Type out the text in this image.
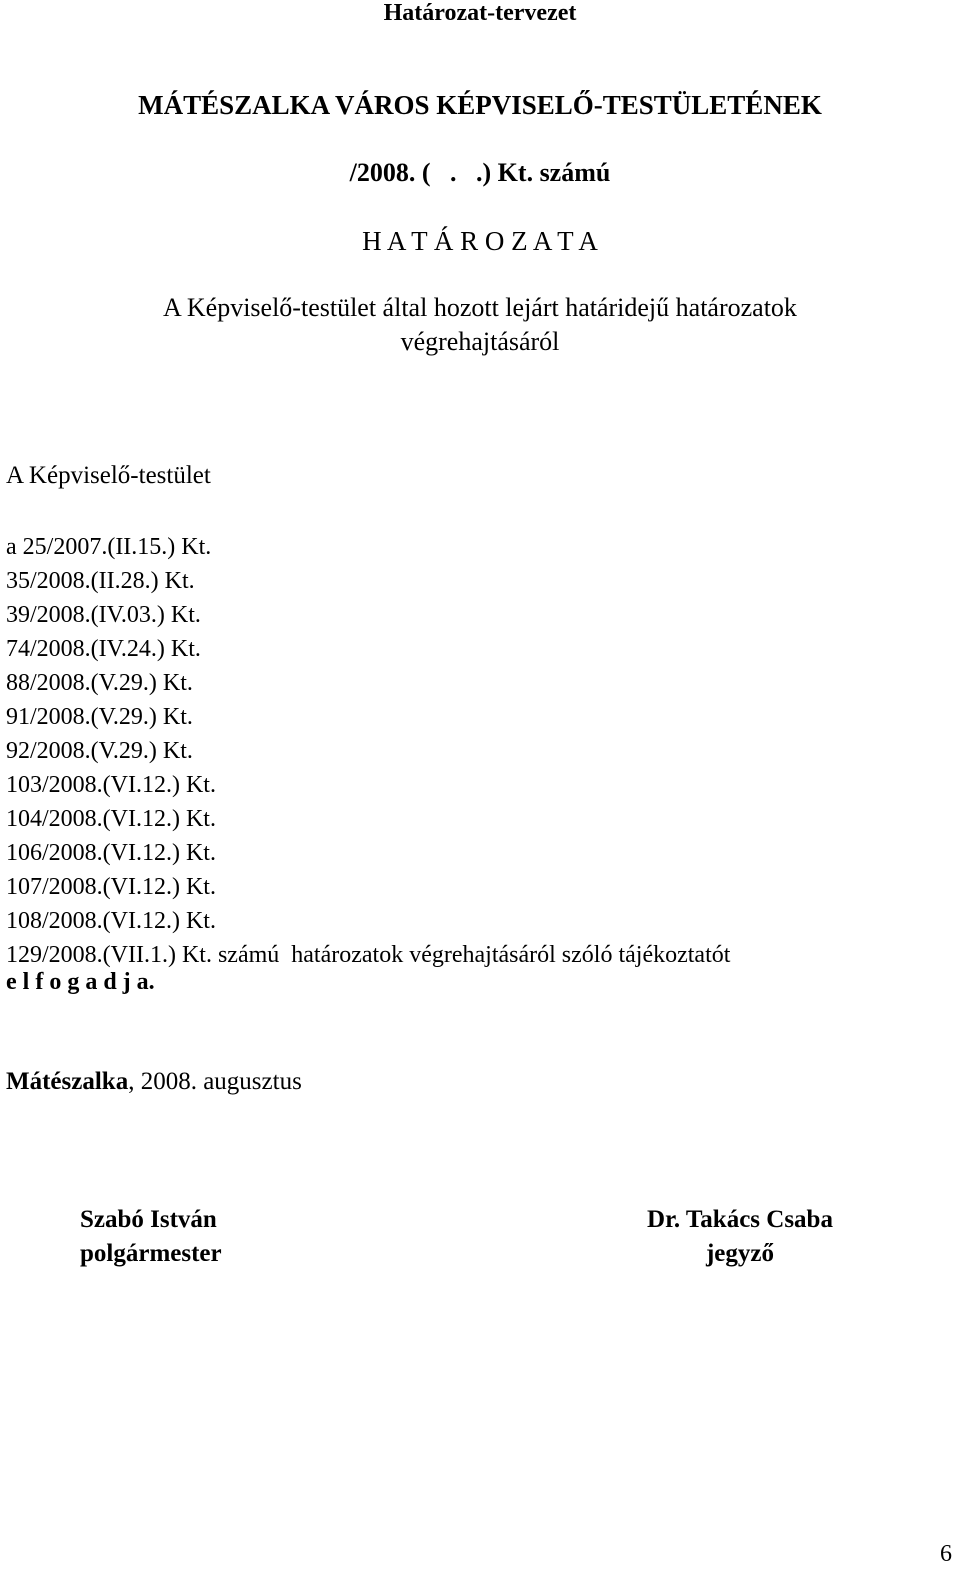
Határozat-tervezet
MÁTÉSZALKA VÁROS KÉPVISELŐ-TESTÜLETÉNEK
/2008. (   .   .) Kt. számú
H A T Á R O Z A T A
A Képviselő-testület által hozott lejárt határidejű határozatok
végrehajtásáról
A Képviselő-testület
a 25/2007.(II.15.) Kt.
35/2008.(II.28.) Kt.
39/2008.(IV.03.) Kt.
74/2008.(IV.24.) Kt.
88/2008.(V.29.) Kt.
91/2008.(V.29.) Kt.
92/2008.(V.29.) Kt.
103/2008.(VI.12.) Kt.
104/2008.(VI.12.) Kt.
106/2008.(VI.12.) Kt.
107/2008.(VI.12.) Kt.
108/2008.(VI.12.) Kt.
129/2008.(VII.1.) Kt. számú  határozatok végrehajtásáról szóló tájékoztatót
e l f o g a d j a.
Mátészalka, 2008. augusztus
Szabó István
polgármester
Dr. Takács Csaba
jegyző
6
